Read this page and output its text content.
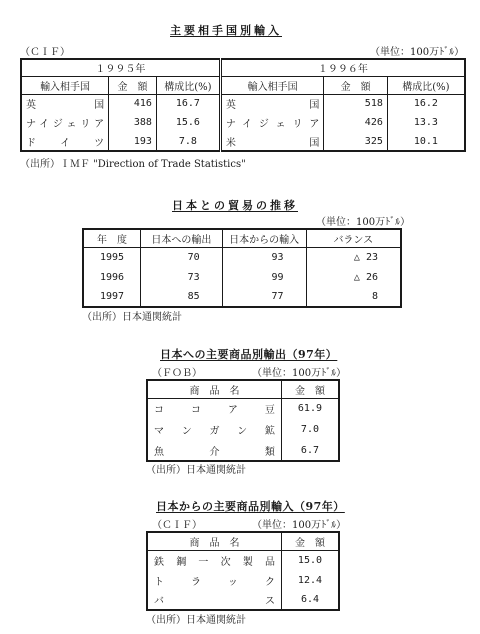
主要相手国別輸入
（ＣＩＦ）	（単位：100万ﾄﾞﾙ）
１９９５年			１９９６年		
輸入相手国	金　額	構成比(%)	輸入相手国	金　額	構成比(%)
英　　　　国	416	16.7	英　　　　　国	518	16.2
ナイジェリア	388	15.6	ナイジェリア	426	13.3
ド　イ　ツ	193	7.8	米　　　　　国	325	10.1
（出所）ＩＭＦ "Direction of Trade Statistics"
日本との貿易の推移
（単位：100万ﾄﾞﾙ）
年　度	日本への輸出	日本からの輸入	バランス
1995	70	93	△ 23
1996	73	99	△ 26
1997	85	77	8
（出所）日本通関統計
日本への主要商品別輸出（97年）
（ＦＯＢ）	（単位：100万ﾄﾞﾙ）
商　品　名	金　額
ココア豆	61.9
マンガン鉱	7.0
魚介類	6.7
（出所）日本通関統計
日本からの主要商品別輸入（97年）
（ＣＩＦ）	（単位：100万ﾄﾞﾙ）
商　品　名	金　額
鉄鋼一次製品	15.0
トラック	12.4
バス	6.4
（出所）日本通関統計
